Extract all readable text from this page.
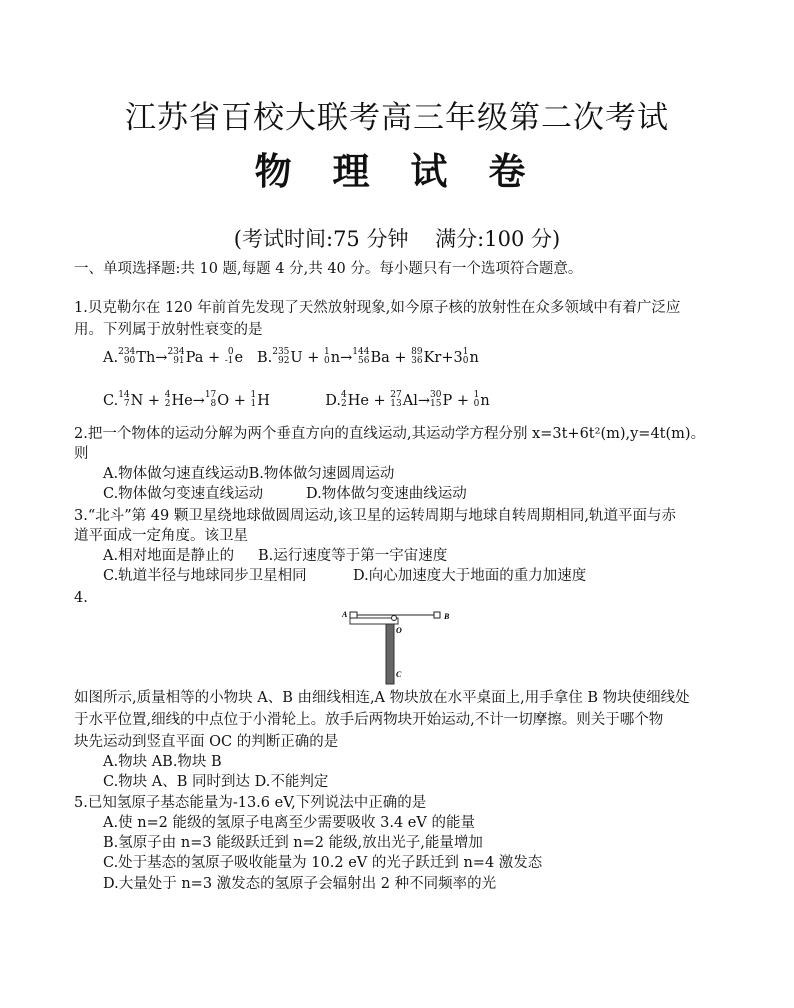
江苏省百校大联考高三年级第二次考试
物 理 试 卷
(考试时间:75 分钟    满分:100 分)
一、单项选择题:共 10 题,每题 4 分,共 40 分。每小题只有一个选项符合题意。
1.贝克勒尔在 120 年前首先发现了天然放射现象,如今原子核的放射性在众多领域中有着广泛应
用。下列属于放射性衰变的是
A. 234
90 Th→ 234
91 Pa + 0
-1 e   B. 235
92 U + 1
0 n→ 144
56 Ba + 89
36 Kr+3 1
0 n
C. 14
7 N + 4
2 He→ 17
8 O + 1
1 H            D. 4
2 He + 27
13 Al→ 30
15 P + 1
0 n
2.把一个物体的运动分解为两个垂直方向的直线运动,其运动学方程分别 x=3t+6t²(m),y=4t(m)。
则
A.物体做匀速直线运动B.物体做匀速圆周运动
C.物体做匀变速直线运动	D.物体做匀变速曲线运动
3.“北斗”第 49 颗卫星绕地球做圆周运动,该卫星的运转周期与地球自转周期相同,轨道平面与赤
道平面成一定角度。该卫星
A.相对地面是静止的 B.运行速度等于第一宇宙速度
C.轨道半径与地球同步卫星相同	D.向心加速度大于地面的重力加速度
4.
A	B
O
C
如图所示,质量相等的小物块 A、B 由细线相连,A 物块放在水平桌面上,用手拿住 B 物块使细线处
于水平位置,细线的中点位于小滑轮上。放手后两物块开始运动,不计一切摩擦。则关于哪个物
块先运动到竖直平面 OC 的判断正确的是
A.物块 AB.物块 B
C.物块 A、B 同时到达 D.不能判定
5.已知氢原子基态能量为-13.6 eV,下列说法中正确的是
A.使 n=2 能级的氢原子电离至少需要吸收 3.4 eV 的能量
B.氢原子由 n=3 能级跃迁到 n=2 能级,放出光子,能量增加
C.处于基态的氢原子吸收能量为 10.2 eV 的光子跃迁到 n=4 激发态
D.大量处于 n=3 激发态的氢原子会辐射出 2 种不同频率的光
